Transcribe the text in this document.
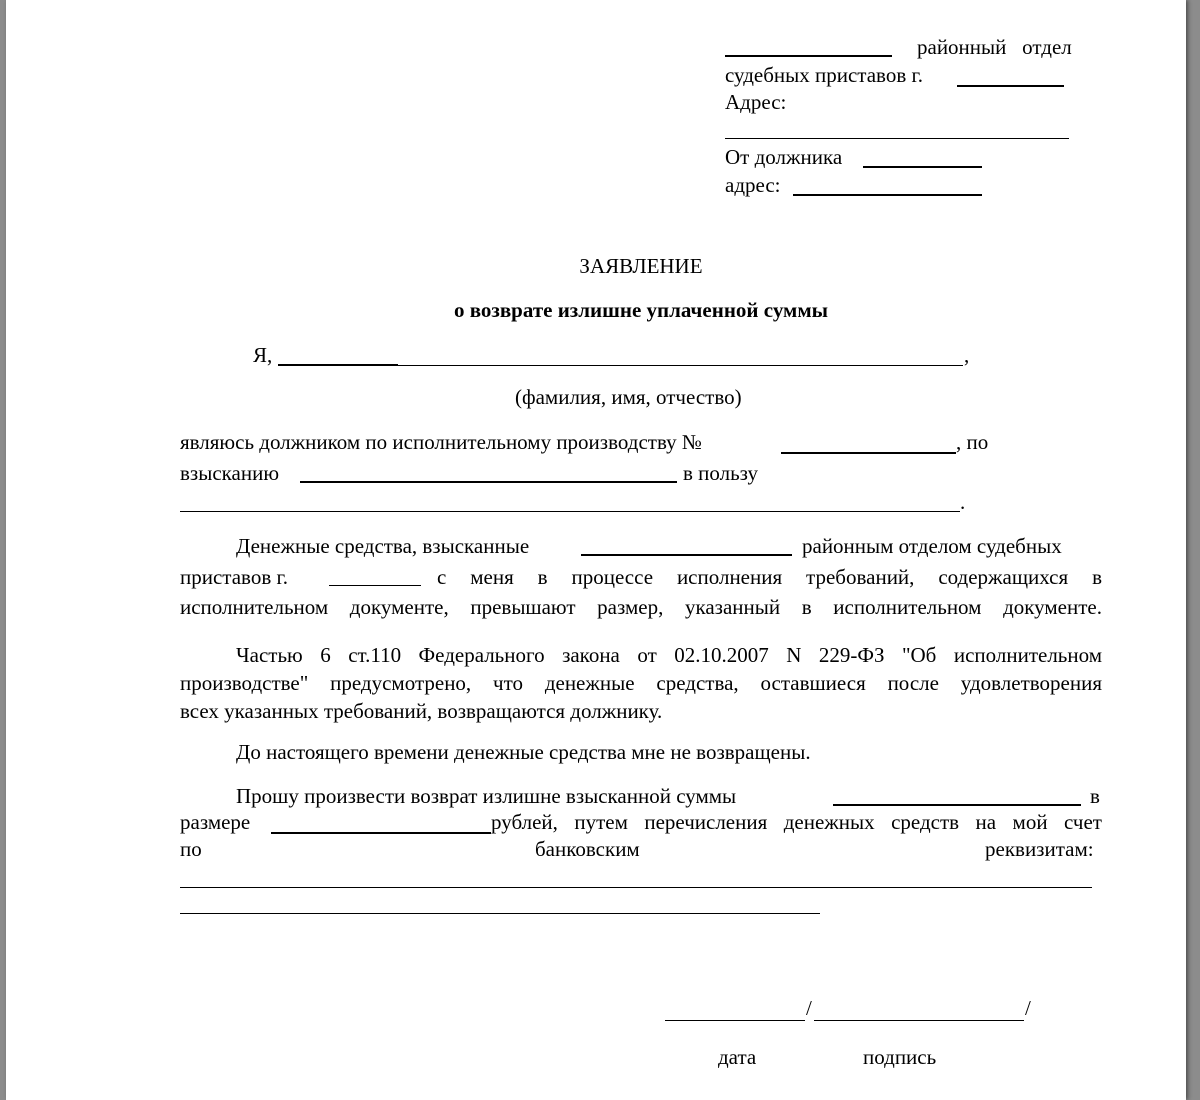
районный   отдел
судебных приставов г.
Адрес:
От должника
адрес:
ЗАЯВЛЕНИЕ
о возврате излишне уплаченной суммы
Я,	,
(фамилия, имя, отчество)
являюсь должником по исполнительному производству №	, по
взысканию	в пользу
.
Денежные средства, взысканные	районным отделом судебных
приставов г.	с меня в процессе исполнения требований, содержащихся в
исполнительном документе, превышают размер, указанный в исполнительном документе.
Частью 6 ст.110 Федерального закона от 02.10.2007 N 229-ФЗ "Об исполнительном
производстве" предусмотрено, что денежные средства, оставшиеся после удовлетворения
всех указанных требований, возвращаются должнику.
До настоящего времени денежные средства мне не возвращены.
Прошу произвести возврат излишне взысканной суммы	в
размере	рублей, путем перечисления денежных средств на мой счет
по	банковским	реквизитам:
/	/
дата	подпись
